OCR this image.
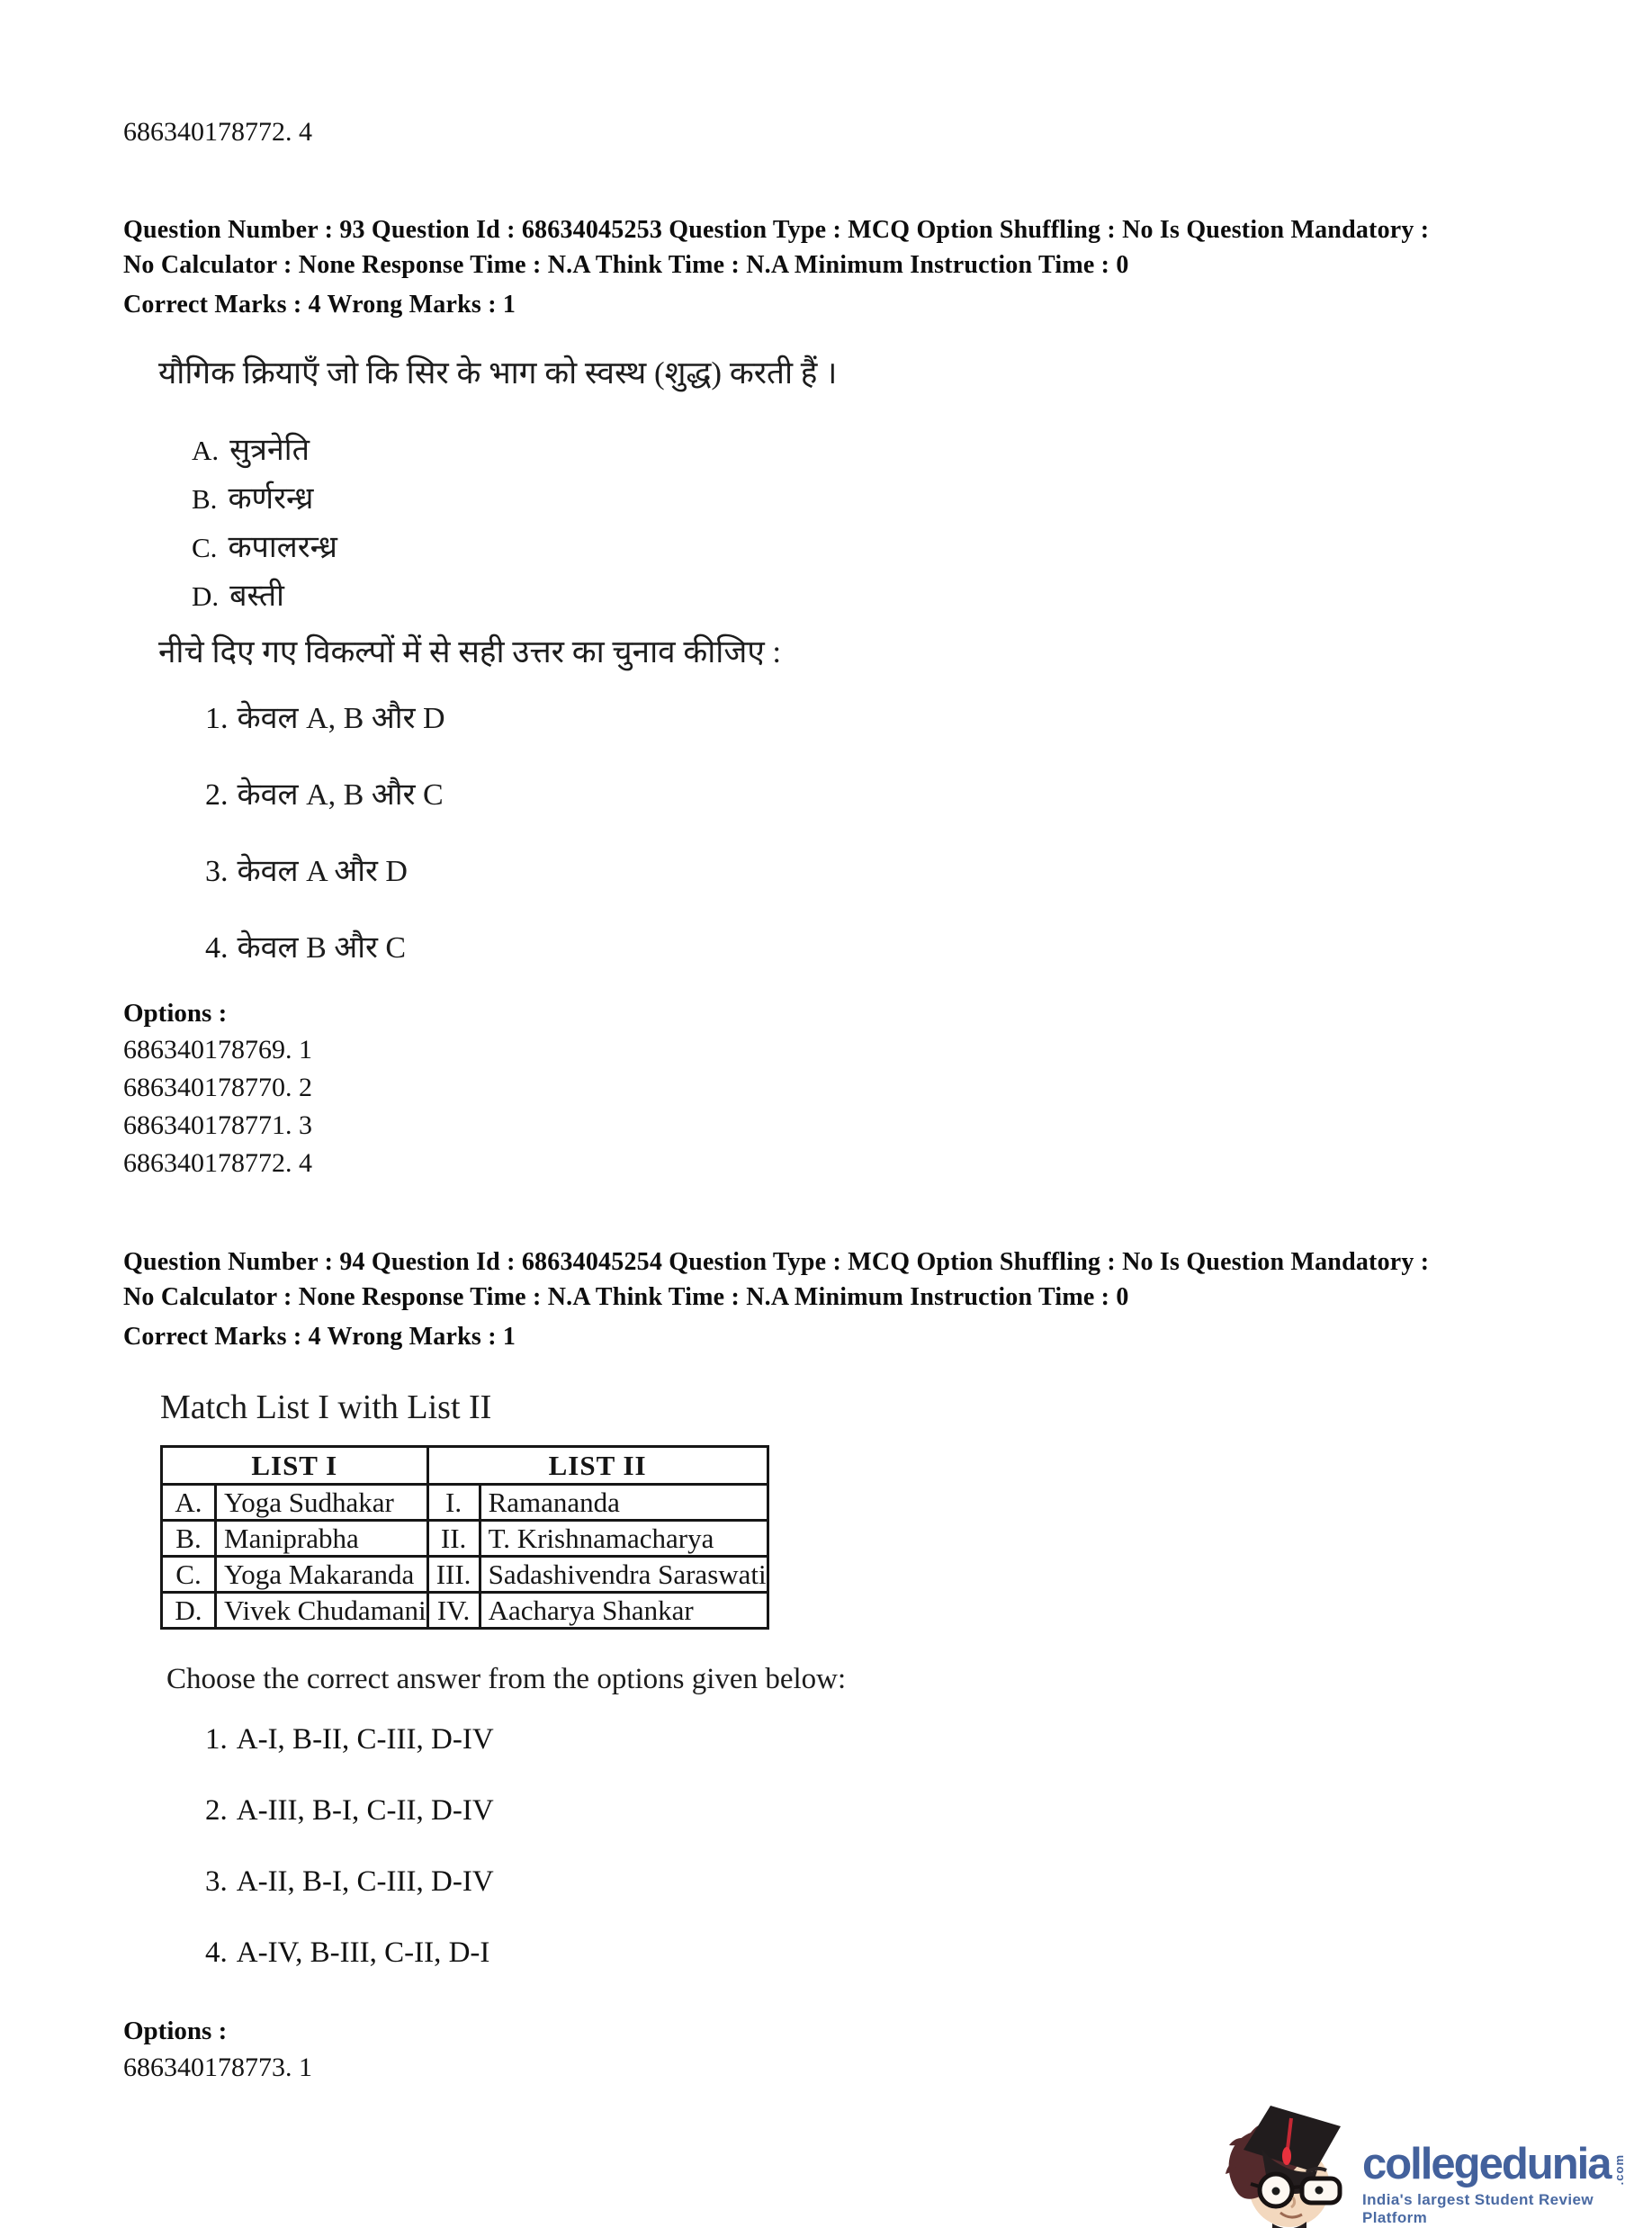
686340178772. 4
Question Number : 93 Question Id : 68634045253 Question Type : MCQ Option Shuffling : No Is Question Mandatory :
No Calculator : None Response Time : N.A Think Time : N.A Minimum Instruction Time : 0
Correct Marks : 4 Wrong Marks : 1
यौगिक क्रियाएँ जो कि सिर के भाग को स्वस्थ (शुद्ध) करती हैं ।
A. सुत्रनेति
B. कर्णरन्ध्र
C. कपालरन्ध्र
D. बस्ती
नीचे दिए गए विकल्पों में से सही उत्तर का चुनाव कीजिए :
1. केवल A, B और D
2. केवल A, B और C
3. केवल A और D
4. केवल B और C
Options :
686340178769. 1
686340178770. 2
686340178771. 3
686340178772. 4
Question Number : 94 Question Id : 68634045254 Question Type : MCQ Option Shuffling : No Is Question Mandatory :
No Calculator : None Response Time : N.A Think Time : N.A Minimum Instruction Time : 0
Correct Marks : 4 Wrong Marks : 1
Match List I with List II
LIST I		LIST II	
A.	Yoga Sudhakar	I.	Ramananda
B.	Maniprabha	II.	T. Krishnamacharya
C.	Yoga Makaranda	III.	Sadashivendra Saraswati
D.	Vivek Chudamani	IV.	Aacharya Shankar
Choose the correct answer from the options given below:
1. A-I, B-II, C-III, D-IV
2. A-III, B-I, C-II, D-IV
3. A-II, B-I, C-III, D-IV
4. A-IV, B-III, C-II, D-I
Options :
686340178773. 1
collegedunia .com
India's largest Student Review Platform
